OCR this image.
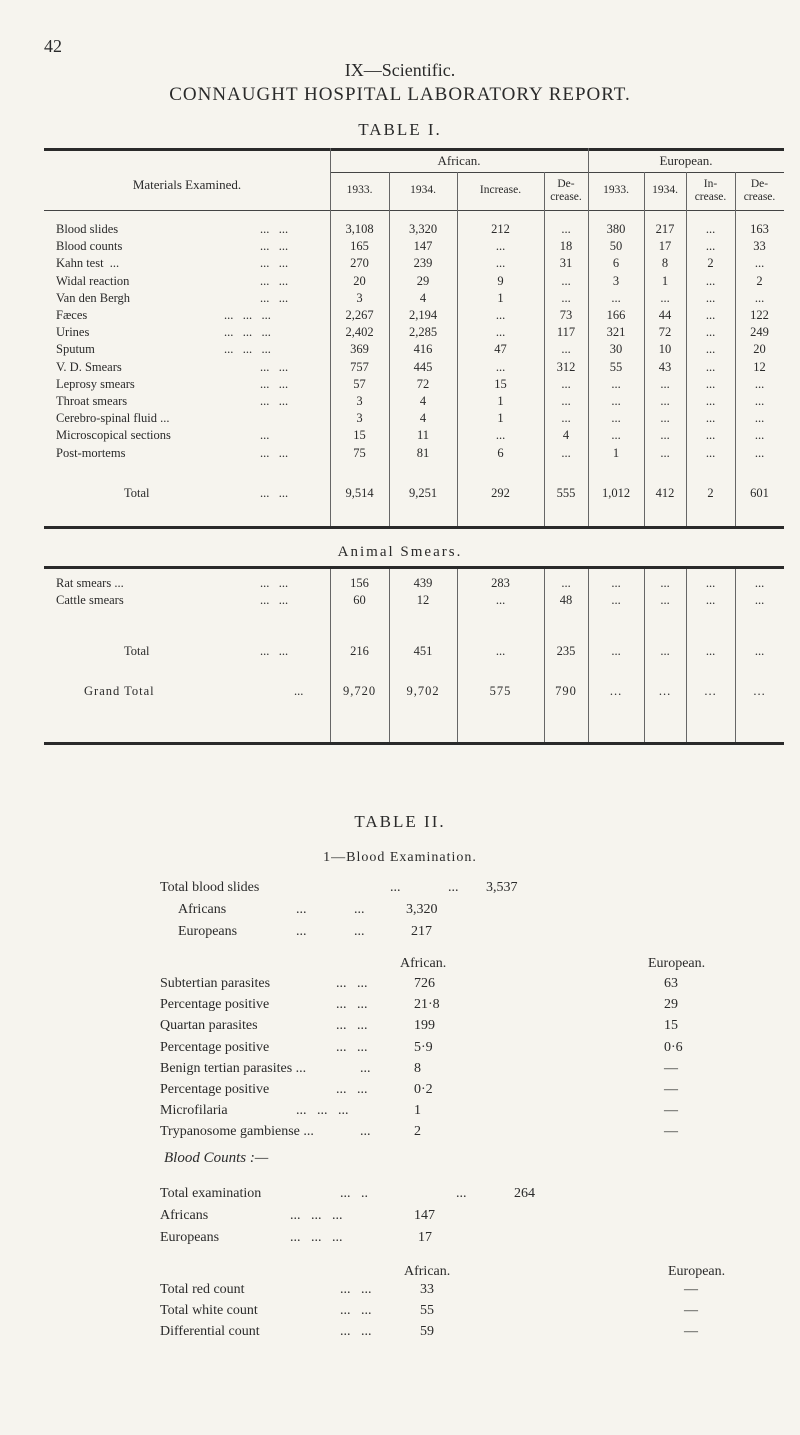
42
IX—Scientific.
CONNAUGHT HOSPITAL LABORATORY REPORT.
TABLE I.
Materials Examined.
African.	European.
1933.	1934.	Increase.	De-
crease.
1933.	1934.	In-
crease.
De-
crease.
Blood slides	...   ...	3,108	3,320	212	...	380	217	...	163
Blood counts	...   ...	165	147	...	18	50	17	...	33
Kahn test  ...	...   ...	270	239	...	31	6	8	2	...
Widal reaction	...   ...	20	29	9	...	3	1	...	2
Van den Bergh	...   ...	3	4	1	...	...	...	...	...
Fæces	...   ...   ...	2,267	2,194	...	73	166	44	...	122
Urines	...   ...   ...	2,402	2,285	...	117	321	72	...	249
Sputum	...   ...   ...	369	416	47	...	30	10	...	20
V. D. Smears	...   ...	757	445	...	312	55	43	...	12
Leprosy smears	...   ...	57	72	15	...	...	...	...	...
Throat smears	...   ...	3	4	1	...	...	...	...	...
Cerebro-spinal fluid ...	3	4	1	...	...	...	...	...
Microscopical sections	...	15	11	...	4	...	...	...	...
Post-mortems	...   ...	75	81	6	...	1	...	...	...
Total	...   ...	9,514	9,251	292	555	1,012	412	2	601
Animal Smears.
Rat smears ...	...   ...	156	439	283	...	...	...	...	...
Cattle smears	...   ...	60	12	...	48	...	...	...	...
Total	...   ...	216	451	...	235	...	...	...	...
Grand Total	...	9,720	9,702	575	790	...	...	...	...
TABLE II.
1—Blood Examination.
Total blood slides	...	... 3,537
Africans	...	...	3,320
Europeans	...	...	217
African.	European.
Subtertian parasites	...   ...	726	63
Percentage positive	...   ...	21·8	29
Quartan parasites	...   ...	199	15
Percentage positive	...   ...	5·9	0·6
Benign tertian parasites ...	...	8	—
Percentage positive	...   ...	0·2	—
Microfilaria	...   ...   ...	1	—
Trypanosome gambiense ...	...	2	—
Blood Counts :—
Total examination	...   ..	...	264
Africans	...   ...   ...	147
Europeans	...   ...   ...	17
African.	European.
Total red count	...   ...	33	—
Total white count	...   ...	55	—
Differential count	...   ...	59	—
